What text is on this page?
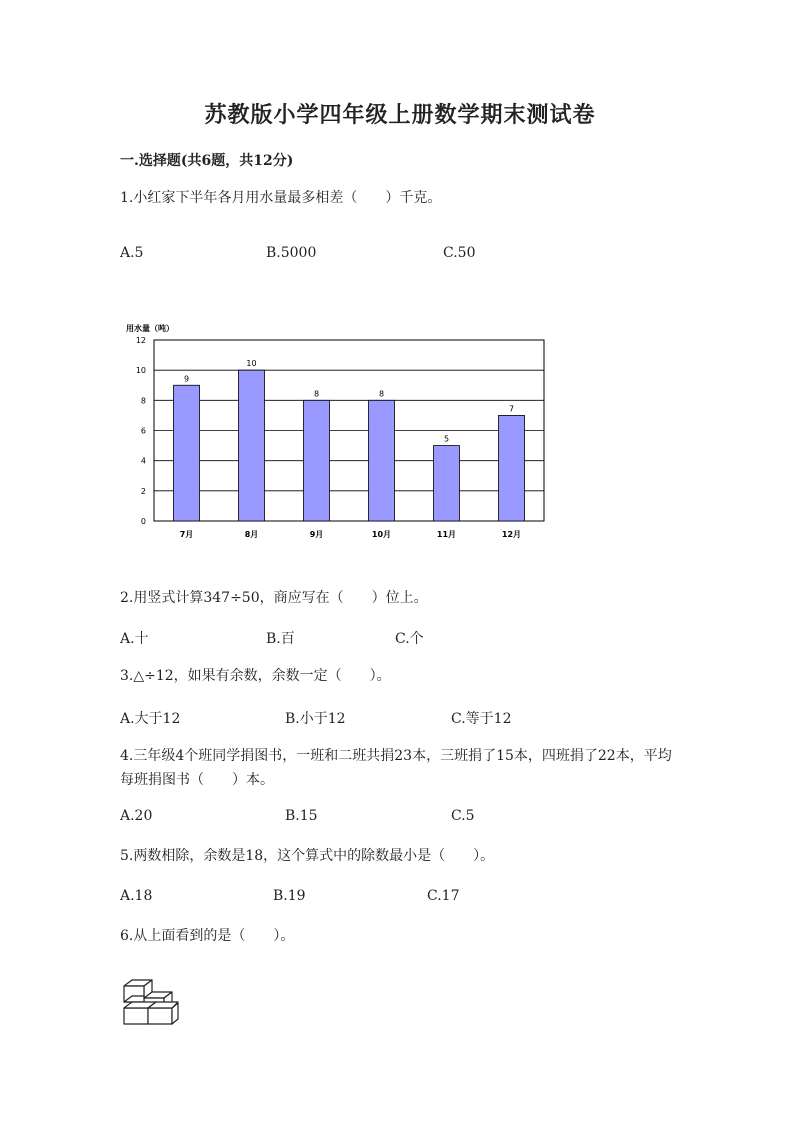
苏教版小学四年级上册数学期末测试卷
一.选择题(共6题，共12分)
1.小红家下半年各月用水量最多相差（　　）千克。
A.5	B.5000	C.50
用水量（吨）
0
2
4
6
8
10
12
9
7月
10
8月
8
9月
8
10月
5
11月
7
12月
2.用竖式计算347÷50，商应写在（　　）位上。
A.十	B.百	C.个
3.△÷12，如果有余数，余数一定（　　）。
A.大于12	B.小于12	C.等于12
4.三年级4个班同学捐图书，一班和二班共捐23本，三班捐了15本，四班捐了22本，平均每班捐图书（　　）本。
A.20	B.15	C.5
5.两数相除，余数是18，这个算式中的除数最小是（　　）。
A.18	B.19	C.17
6.从上面看到的是（　　）。
